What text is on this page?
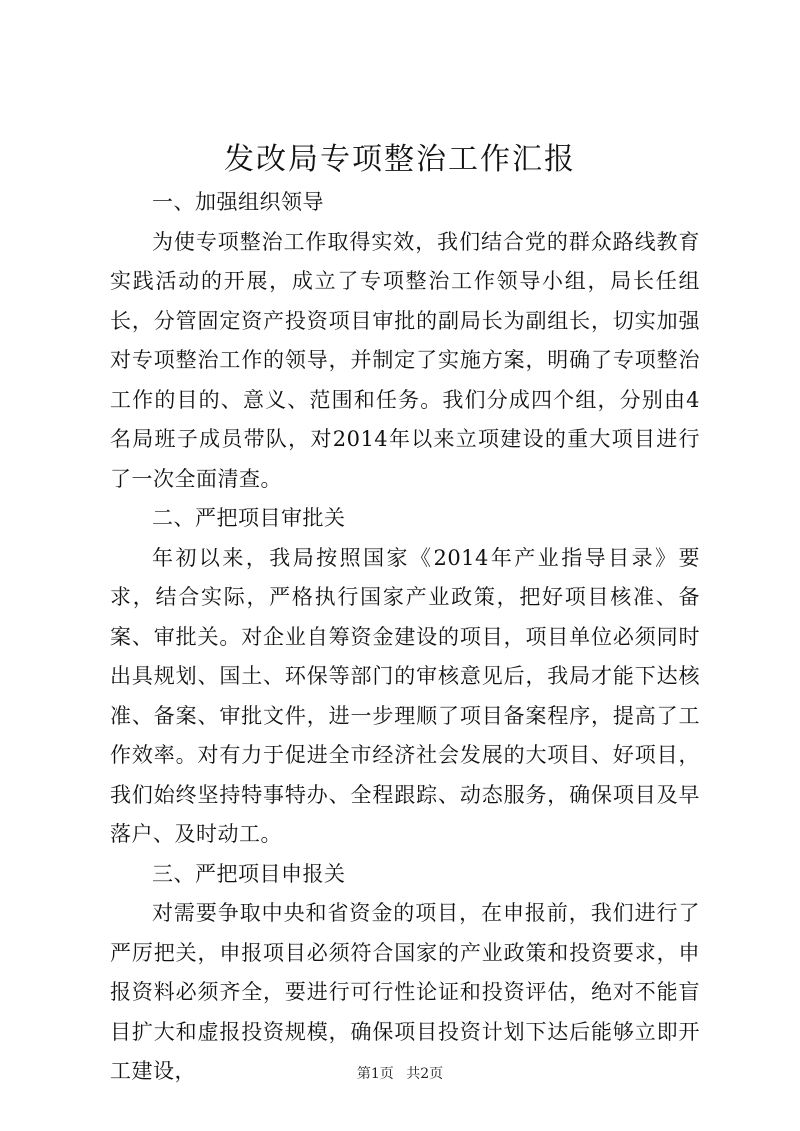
发改局专项整治工作汇报

一、加强组织领导

为使专项整治工作取得实效，我们结合党的群众路线教育实践活动的开展，成立了专项整治工作领导小组，局长任组长，分管固定资产投资项目审批的副局长为副组长，切实加强对专项整治工作的领导，并制定了实施方案，明确了专项整治工作的目的、意义、范围和任务。我们分成四个组，分别由4名局班子成员带队，对2014年以来立项建设的重大项目进行了一次全面清查。

二、严把项目审批关

年初以来，我局按照国家《2014年产业指导目录》要求，结合实际，严格执行国家产业政策，把好项目核准、备案、审批关。对企业自筹资金建设的项目，项目单位必须同时出具规划、国土、环保等部门的审核意见后，我局才能下达核准、备案、审批文件，进一步理顺了项目备案程序，提高了工作效率。对有力于促进全市经济社会发展的大项目、好项目，我们始终坚持特事特办、全程跟踪、动态服务，确保项目及早落户、及时动工。

三、严把项目申报关

对需要争取中央和省资金的项目，在申报前，我们进行了严厉把关，申报项目必须符合国家的产业政策和投资要求，申报资料必须齐全，要进行可行性论证和投资评估，绝对不能盲目扩大和虚报投资规模，确保项目投资计划下达后能够立即开工建设，	第1页 共2页
